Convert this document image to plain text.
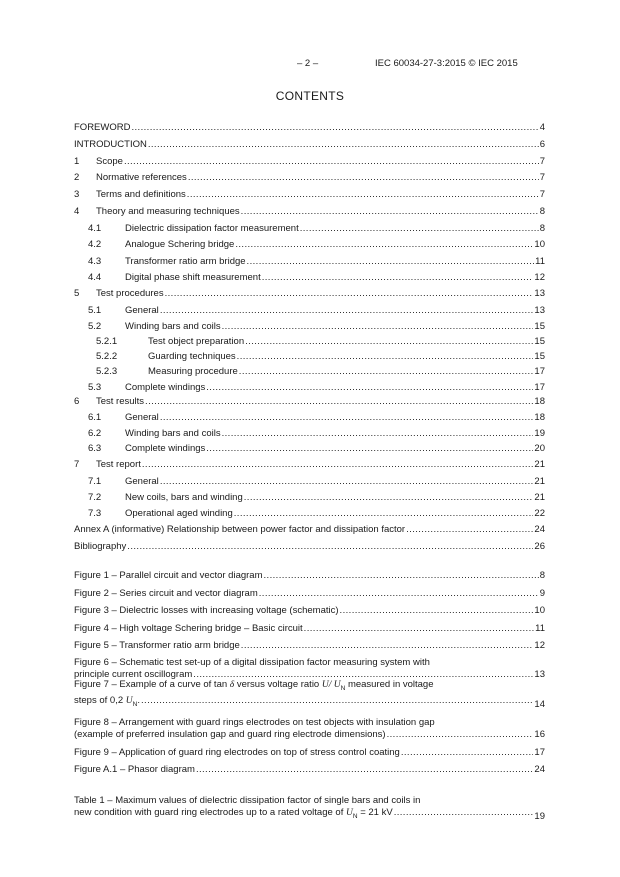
– 2 –	IEC 60034-27-3:2015 © IEC 2015
CONTENTS
FOREWORD .....	4
INTRODUCTION .....	6
1	Scope .....	7
2	Normative references .....	7
3	Terms and definitions .....	7
4	Theory and measuring techniques .....	8
4.1	Dielectric dissipation factor measurement .....	8
4.2	Analogue Schering bridge .....	10
4.3	Transformer ratio arm bridge .....	11
4.4	Digital phase shift measurement .....	12
5	Test procedures .....	13
5.1	General .....	13
5.2	Winding bars and coils .....	15
5.2.1	Test object preparation .....	15
5.2.2	Guarding techniques .....	15
5.2.3	Measuring procedure .....	17
5.3	Complete windings .....	17
6	Test results .....	18
6.1	General .....	18
6.2	Winding bars and coils .....	19
6.3	Complete windings .....	20
7	Test report .....	21
7.1	General .....	21
7.2	New coils, bars and winding .....	21
7.3	Operational aged winding .....	22
Annex A (informative) Relationship between power factor and dissipation factor .....	24
Bibliography .....	26
Figure 1 – Parallel circuit and vector diagram .....	8
Figure 2 – Series circuit and vector diagram .....	9
Figure 3 – Dielectric losses with increasing voltage (schematic) .....	10
Figure 4 – High voltage Schering bridge – Basic circuit .....	11
Figure 5 – Transformer ratio arm bridge .....	12
Figure 6 – Schematic test set-up of a digital dissipation factor measuring system with
principle current oscillogram .....	13
Figure 7 – Example of a curve of tan δ versus voltage ratio U/ $U_N$ measured in voltage
steps of 0,2 $U_N$. .....	14
Figure 8 – Arrangement with guard rings electrodes on test objects with insulation gap
(example of preferred insulation gap and guard ring electrode dimensions) .....	16
Figure 9 – Application of guard ring electrodes on top of stress control coating .....	17
Figure A.1 – Phasor diagram .....	24
Table 1 – Maximum values of dielectric dissipation factor of single bars and coils in
new condition with guard ring electrodes up to a rated voltage of $U_N = 21$ kV .....	19
